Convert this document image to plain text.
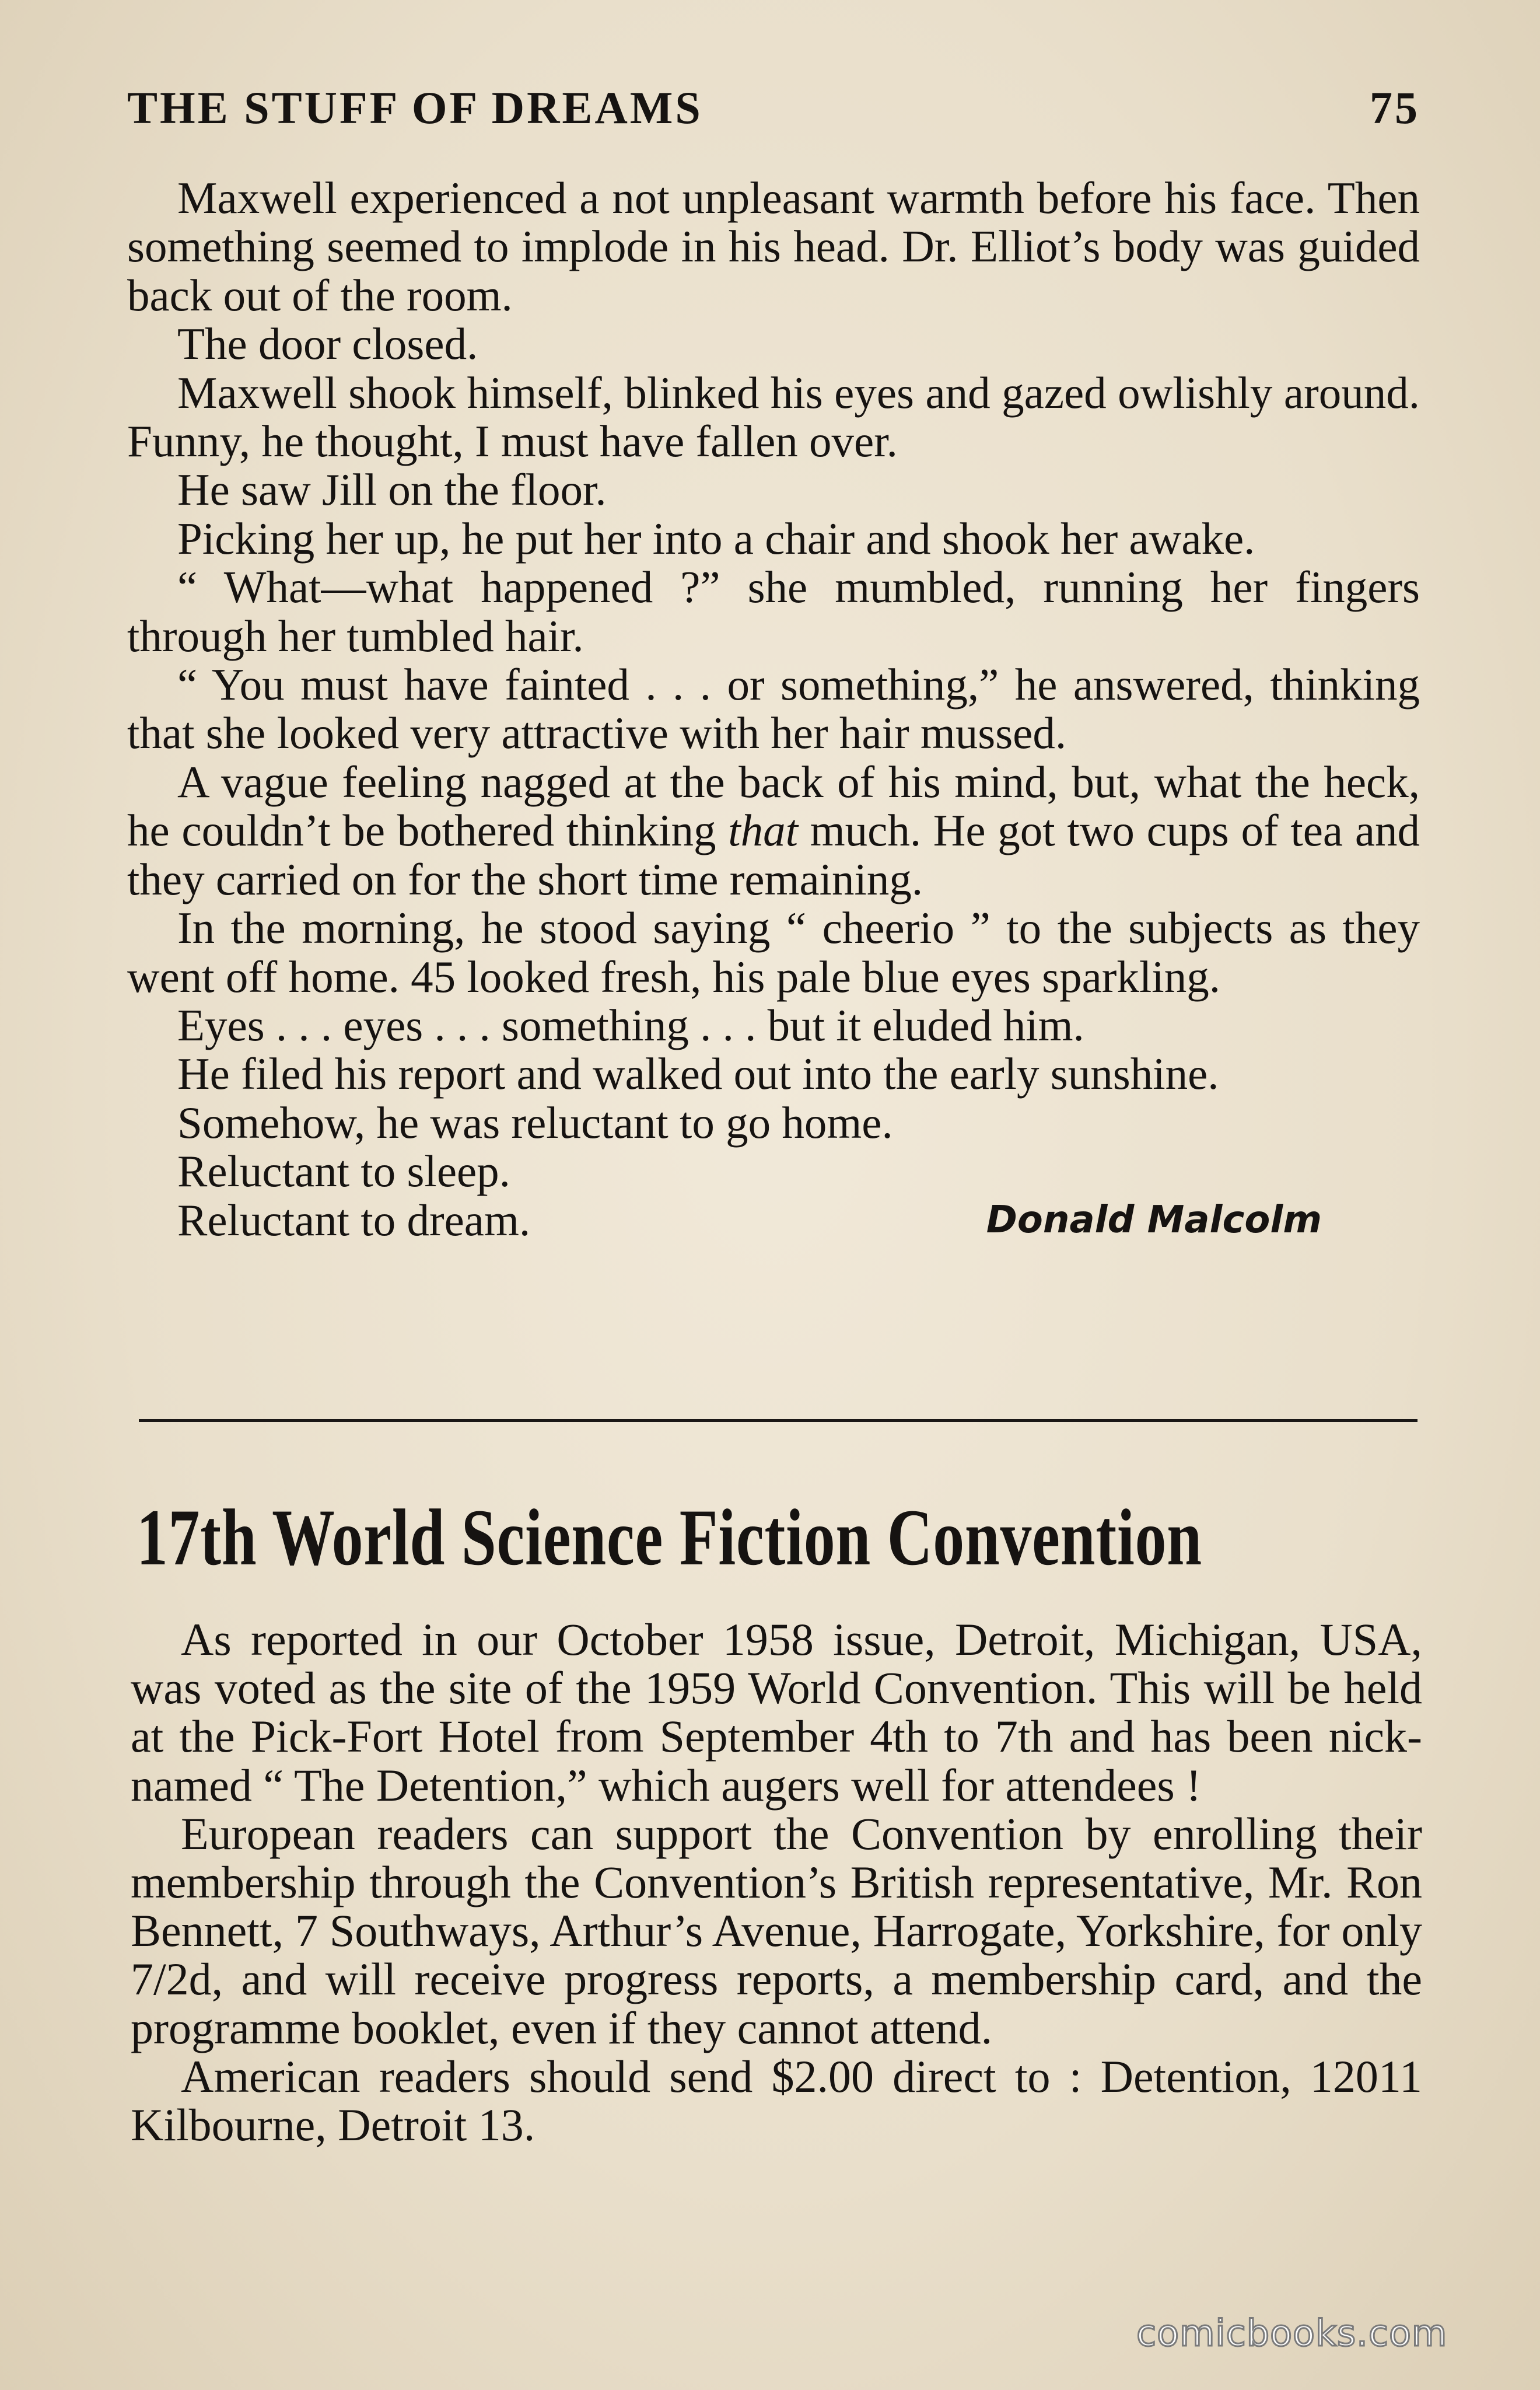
THE STUFF OF DREAMS	75

Maxwell experienced a not unpleasant warmth before his face. Then something seemed to implode in his head. Dr. Elliot’s body was guided back out of the room.

The door closed.

Maxwell shook himself, blinked his eyes and gazed owlishly around. Funny, he thought, I must have fallen over.

He saw Jill on the floor.

Picking her up, he put her into a chair and shook her awake.

“ What—what happened ?” she mumbled, running her fingers through her tumbled hair.

“ You must have fainted . . . or something,” he answered, thinking that she looked very attractive with her hair mussed.

A vague feeling nagged at the back of his mind, but, what the heck, he couldn’t be bothered thinking that much. He got two cups of tea and they carried on for the short time remaining.

In the morning, he stood saying “ cheerio ” to the subjects as they went off home. 45 looked fresh, his pale blue eyes sparkling.

Eyes . . . eyes . . . something . . . but it eluded him.

He filed his report and walked out into the early sunshine.

Somehow, he was reluctant to go home.

Reluctant to sleep.

Reluctant to dream.	Donald Malcolm
17th World Science Fiction Convention

As reported in our October 1958 issue, Detroit, Michigan, USA, was voted as the site of the 1959 World Convention. This will be held at the Pick-Fort Hotel from September 4th to 7th and has been nick-named “ The Detention,” which augers well for attendees !

European readers can support the Convention by enrolling their membership through the Convention’s British representative, Mr. Ron Bennett, 7 Southways, Arthur’s Avenue, Harrogate, Yorkshire, for only 7/2d, and will receive progress reports, a membership card, and the programme booklet, even if they cannot attend.

American readers should send $2.00 direct to : Detention, 12011 Kilbourne, Detroit 13.

comicbooks.com
